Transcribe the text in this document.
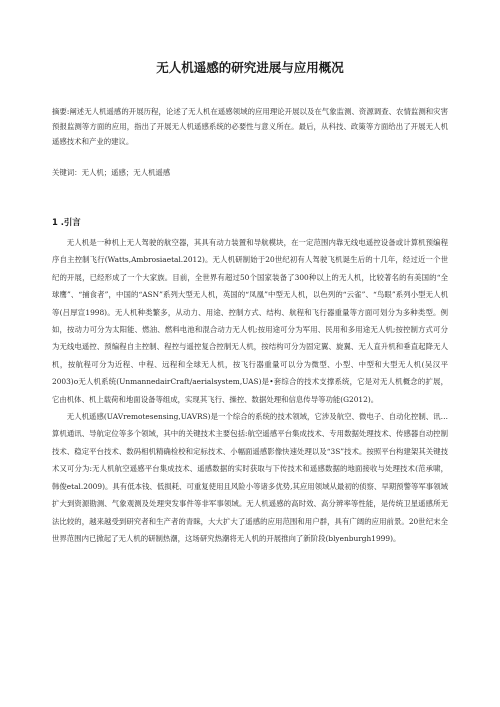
无人机遥感的研究进展与应用概况

摘要:阐述无人机遥感的开展历程，论述了无人机在遥感领域的应用理论开展以及在气象监测、资源调查、农情监测和灾害预报监测等方面的应用，指出了开展无人机遥感系统的必要性与意义所在。最后，从科技、政策等方面给出了开展无人机遥感技术和产业的建议。

关键词：无人机；遥感；无人机遥感

1 .引言

无人机是一种机上无人驾驶的航空器，其具有动力装置和导航模块，在一定范围内靠无线电遥控设备或计算机预编程序自主控制飞行(Watts,Ambrosiaetal.2012)。无人机研制始于20世纪初有人驾驶飞机诞生后的十几年，经过近一个世纪的开展，已经形成了一个大家族。目前，全世界有超过50个国家装备了300种以上的无人机，比较著名的有美国的“全球鹰”、“捕食者”，中国的“ASN”系列大型无人机，英国的“凤凰”中型无人机，以色列的“云雀”、“鸟眼”系列小型无人机等(吕厚宣1998)。无人机种类繁多，从动力、用途、控制方式、结构、航程和飞行器重量等方面可划分为多种类型。例如，按动力可分为太阳能、燃油、燃料电池和混合动力无人机;按用途可分为军用、民用和多用途无人机;按控制方式可分为无线电遥控、预编程自主控制、程控与遥控复合控制无人机，按结构可分为固定翼、旋翼、无人直升机和垂直起降无人机，按航程可分为近程、中程、远程和全球无人机，按飞行器重量可以分为微型、小型、中型和大型无人机(吴汉平2003)o无人机系统(UnmannedairCraft/aerialsystem,UAS)是•套综合的技术支撑系统，它是对无人机概念的扩展，它由机体、机上载荷和地面设备等组成，实现其飞行、操控、数据处理和信息传导等功能(G2012)。

无人机遥感(UAVremotesensing,UAVRS)是一个综合的系统的技术领域，它涉及航空、微电子、自动化控制、讯…算机通讯、导航定位等多个领域，其中的关键技术主要包括:航空遥感平台集成技术、专用数据处理技术、传感器自动控制技术、稳定平台技术、数码相机精确检校和定标技术、小幅面遥感影像快速处理以及“3S”技术。按照平台构建架其关键技术又可分为:无人机航空遥感平台集成技术、遥感数据的实时获取与下传技术和遥感数据的地面接收与处理技术(范承啸，韩俊etal.2009)。具有低本钱、低损耗、可重复使用且风险小等诸多优势,其应用领域从最初的侦察、早期预警等军事领域扩大到资源勘测、气象观测及处理突发事件等非军事领域。无人机遥感的高时效、高分辨率等性能，是传统卫星遥感所无法比较的，越来越受到研究者和生产者的青睐，大大扩大了遥感的应用范围和用户群，具有广阔的应用前景。20世纪末全世界范围内已掀起了无人机的研制热潮，这场研究热潮将无人机的开展推向了新阶段(blyenburgh1999)。
